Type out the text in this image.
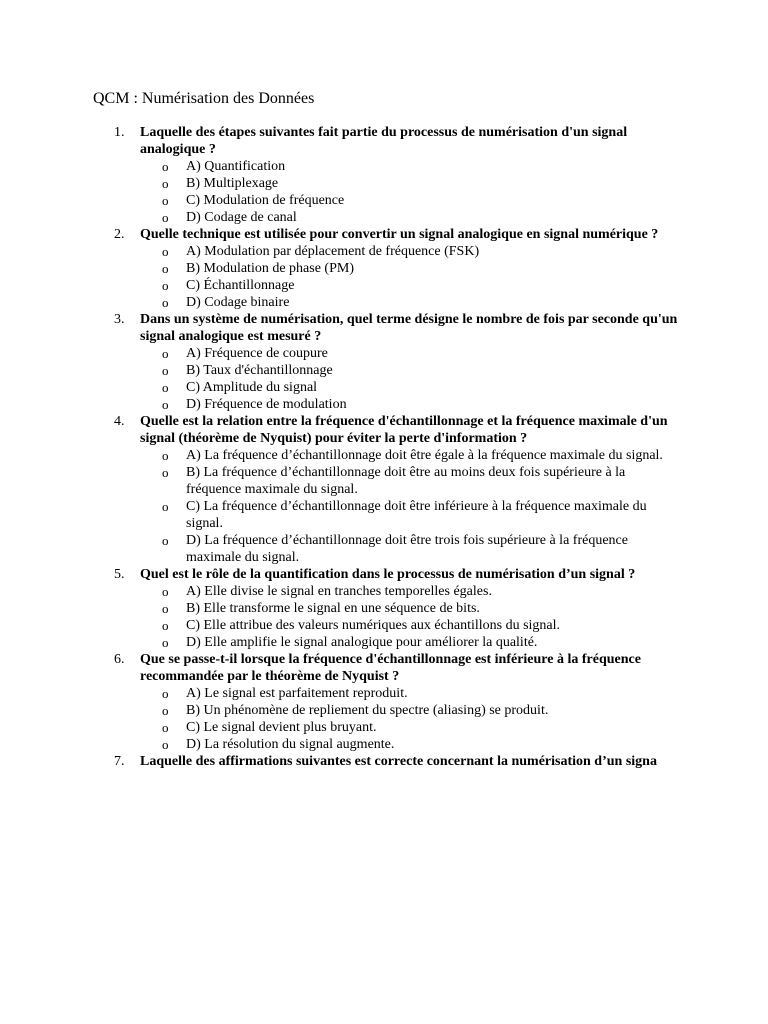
QCM : Numérisation des Données
1. Laquelle des étapes suivantes fait partie du processus de numérisation d'un signal analogique ?
o A) Quantification
o B) Multiplexage
o C) Modulation de fréquence
o D) Codage de canal
2. Quelle technique est utilisée pour convertir un signal analogique en signal numérique ?
o A) Modulation par déplacement de fréquence (FSK)
o B) Modulation de phase (PM)
o C) Échantillonnage
o D) Codage binaire
3. Dans un système de numérisation, quel terme désigne le nombre de fois par seconde qu'un signal analogique est mesuré ?
o A) Fréquence de coupure
o B) Taux d'échantillonnage
o C) Amplitude du signal
o D) Fréquence de modulation
4. Quelle est la relation entre la fréquence d'échantillonnage et la fréquence maximale d'un signal (théorème de Nyquist) pour éviter la perte d'information ?
o A) La fréquence d’échantillonnage doit être égale à la fréquence maximale du signal.
o B) La fréquence d’échantillonnage doit être au moins deux fois supérieure à la fréquence maximale du signal.
o C) La fréquence d’échantillonnage doit être inférieure à la fréquence maximale du signal.
o D) La fréquence d’échantillonnage doit être trois fois supérieure à la fréquence maximale du signal.
5. Quel est le rôle de la quantification dans le processus de numérisation d’un signal ?
o A) Elle divise le signal en tranches temporelles égales.
o B) Elle transforme le signal en une séquence de bits.
o C) Elle attribue des valeurs numériques aux échantillons du signal.
o D) Elle amplifie le signal analogique pour améliorer la qualité.
6. Que se passe-t-il lorsque la fréquence d'échantillonnage est inférieure à la fréquence recommandée par le théorème de Nyquist ?
o A) Le signal est parfaitement reproduit.
o B) Un phénomène de repliement du spectre (aliasing) se produit.
o C) Le signal devient plus bruyant.
o D) La résolution du signal augmente.
7. Laquelle des affirmations suivantes est correcte concernant la numérisation d’un signa
